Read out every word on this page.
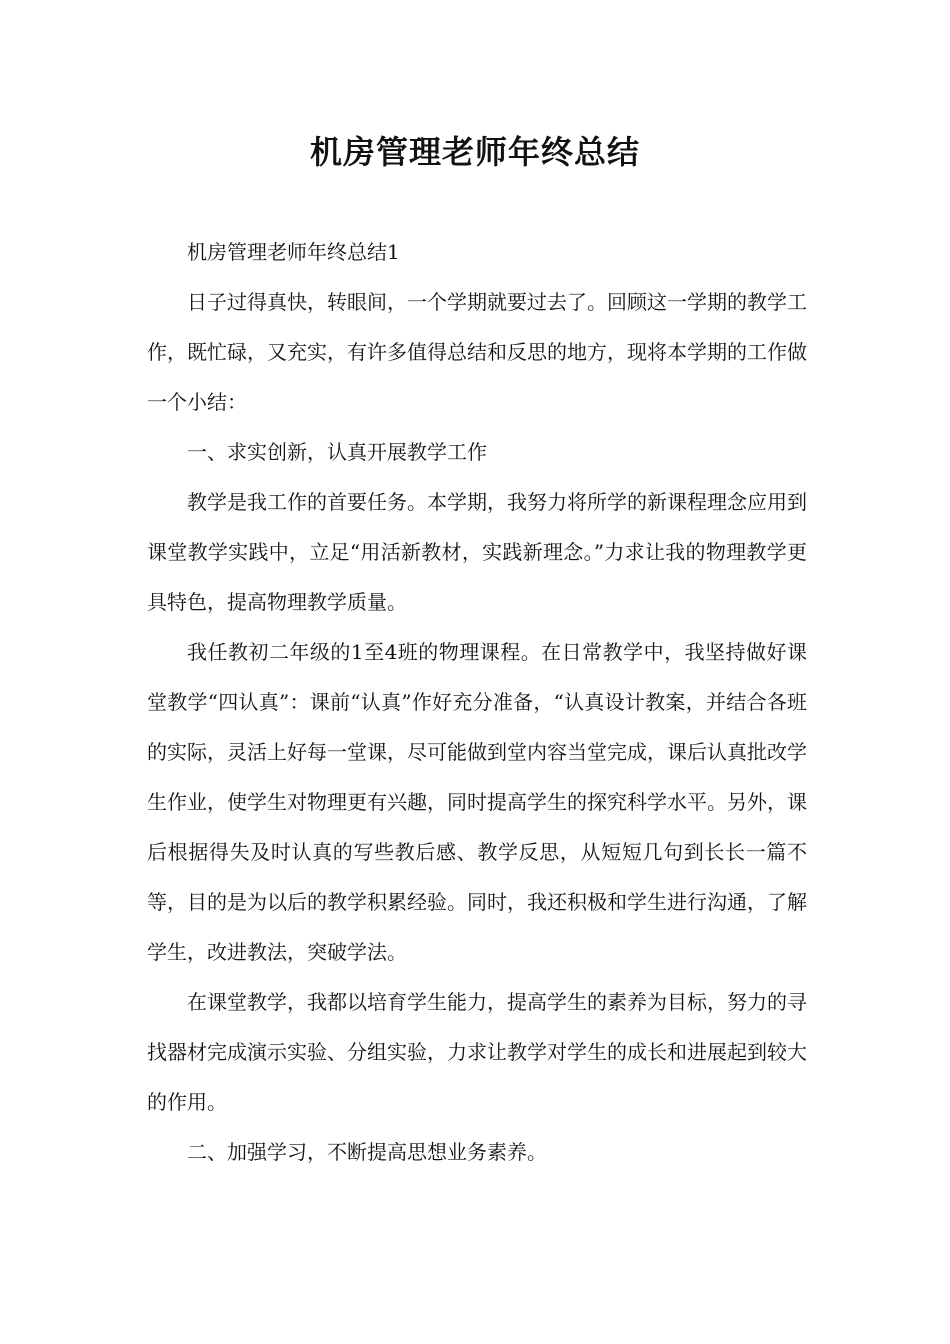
机房管理老师年终总结

机房管理老师年终总结1

日子过得真快，转眼间，一个学期就要过去了。回顾这一学期的教学工作，既忙碌，又充实，有许多值得总结和反思的地方，现将本学期的工作做一个小结：

一、求实创新，认真开展教学工作

教学是我工作的首要任务。本学期，我努力将所学的新课程理念应用到课堂教学实践中，立足“用活新教材，实践新理念。”力求让我的物理教学更具特色，提高物理教学质量。

我任教初二年级的1至4班的物理课程。在日常教学中，我坚持做好课堂教学“四认真”：课前“认真”作好充分准备，“认真设计教案，并结合各班的实际，灵活上好每一堂课，尽可能做到堂内容当堂完成，课后认真批改学生作业，使学生对物理更有兴趣，同时提高学生的探究科学水平。另外，课后根据得失及时认真的写些教后感、教学反思，从短短几句到长长一篇不等，目的是为以后的教学积累经验。同时，我还积极和学生进行沟通，了解学生，改进教法，突破学法。

在课堂教学，我都以培育学生能力，提高学生的素养为目标，努力的寻找器材完成演示实验、分组实验，力求让教学对学生的成长和进展起到较大的作用。

二、加强学习，不断提高思想业务素养。
